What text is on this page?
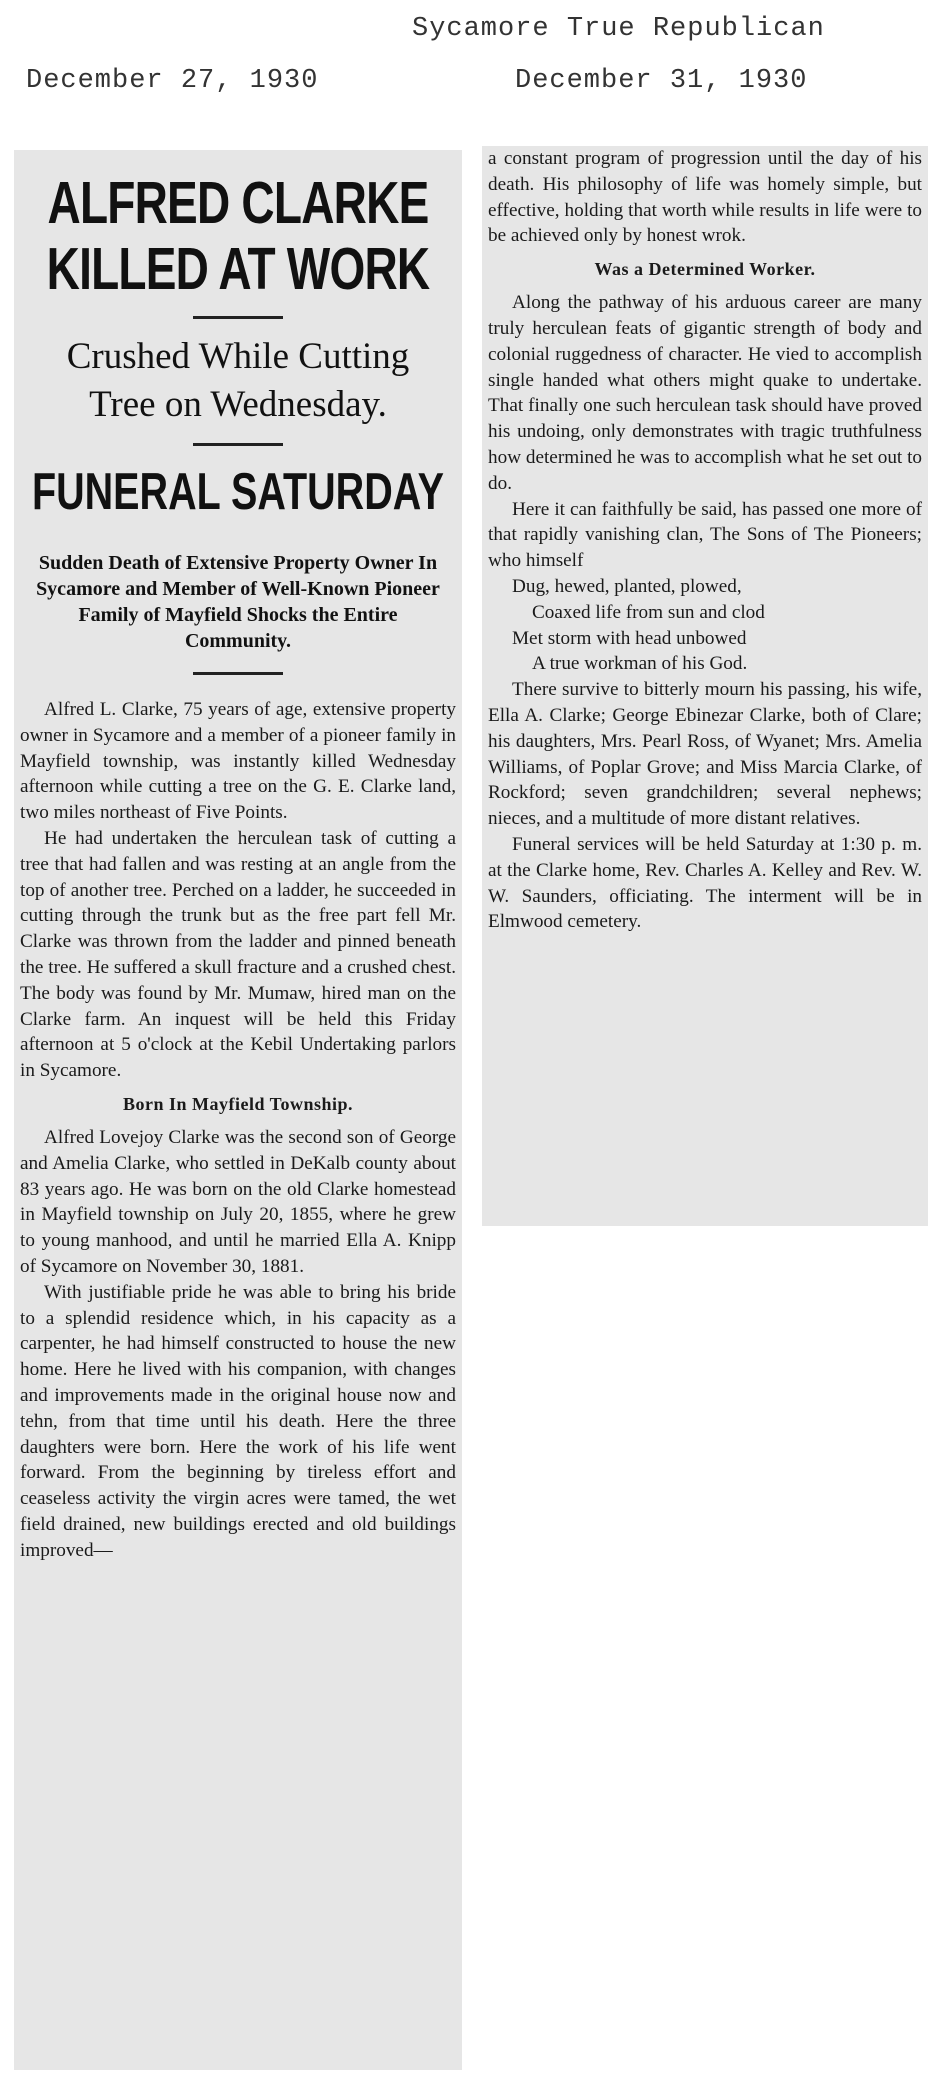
Sycamore True Republican
December 27, 1930	December 31, 1930
ALFRED CLARKE
KILLED AT WORK
Crushed While Cutting
Tree on Wednesday.
FUNERAL SATURDAY
Sudden Death of Extensive Property Owner In Sycamore and Member of Well-Known Pioneer Family of Mayfield Shocks the Entire Community.

Alfred L. Clarke, 75 years of age, extensive property owner in Sycamore and a member of a pioneer family in Mayfield township, was instantly killed Wednesday afternoon while cutting a tree on the G. E. Clarke land, two miles northeast of Five Points.

He had undertaken the herculean task of cutting a tree that had fallen and was resting at an angle from the top of another tree. Perched on a ladder, he succeeded in cutting through the trunk but as the free part fell Mr. Clarke was thrown from the ladder and pinned beneath the tree. He suffered a skull fracture and a crushed chest. The body was found by Mr. Mumaw, hired man on the Clarke farm. An inquest will be held this Friday afternoon at 5 o'clock at the Kebil Undertaking parlors in Sycamore.

Born In Mayfield Township.

Alfred Lovejoy Clarke was the second son of George and Amelia Clarke, who settled in DeKalb county about 83 years ago. He was born on the old Clarke homestead in Mayfield township on July 20, 1855, where he grew to young manhood, and until he married Ella A. Knipp of Sycamore on November 30, 1881.

With justifiable pride he was able to bring his bride to a splendid residence which, in his capacity as a carpenter, he had himself constructed to house the new home. Here he lived with his companion, with changes and improvements made in the original house now and tehn, from that time until his death. Here the three daughters were born. Here the work of his life went forward. From the beginning by tireless effort and ceaseless activity the virgin acres were tamed, the wet field drained, new buildings erected and old buildings improved—

a constant program of progression until the day of his death. His philosophy of life was homely simple, but effective, holding that worth while results in life were to be achieved only by honest wrok.

Was a Determined Worker.

Along the pathway of his arduous career are many truly herculean feats of gigantic strength of body and colonial ruggedness of character. He vied to accomplish single handed what others might quake to undertake. That finally one such herculean task should have proved his undoing, only demonstrates with tragic truthfulness how determined he was to accomplish what he set out to do.

Here it can faithfully be said, has passed one more of that rapidly vanishing clan, The Sons of The Pioneers; who himself

Dug, hewed, planted, plowed,
Coaxed life from sun and clod
Met storm with head unbowed
A true workman of his God.

There survive to bitterly mourn his passing, his wife, Ella A. Clarke; George Ebinezar Clarke, both of Clare; his daughters, Mrs. Pearl Ross, of Wyanet; Mrs. Amelia Williams, of Poplar Grove; and Miss Marcia Clarke, of Rockford; seven grandchildren; several nephews; nieces, and a multitude of more distant relatives.

Funeral services will be held Saturday at 1:30 p. m. at the Clarke home, Rev. Charles A. Kelley and Rev. W. W. Saunders, officiating. The interment will be in Elmwood cemetery.
